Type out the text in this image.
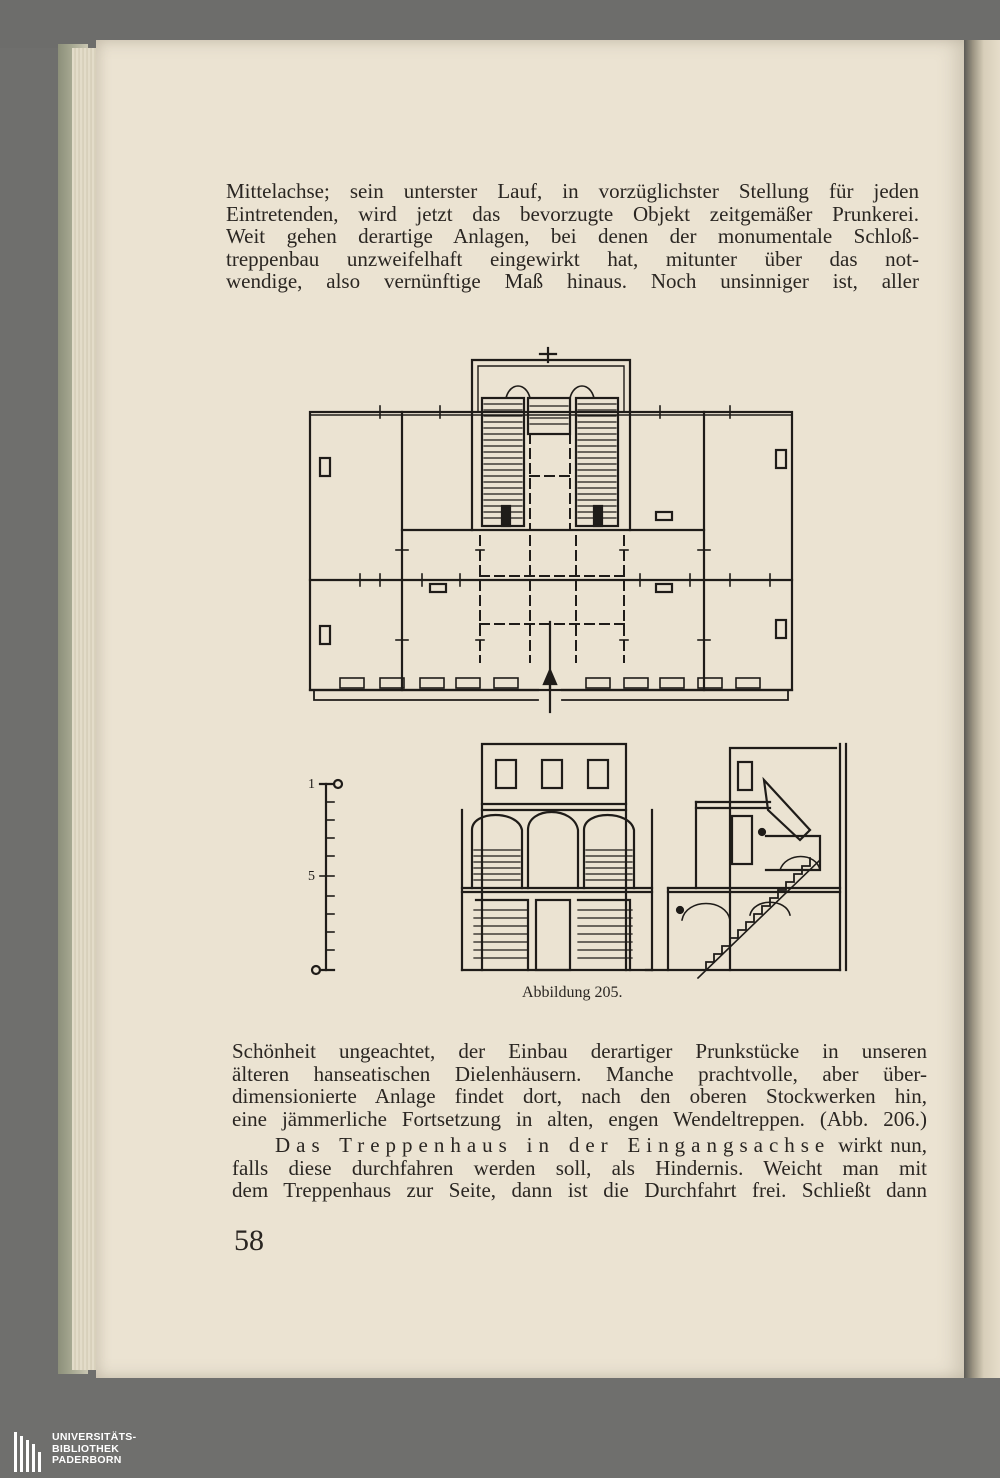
Mittelachse; sein unterster Lauf, in vorzüglichster Stellung für jeden
Eintretenden, wird jetzt das bevorzugte Objekt zeitgemäßer Prunkerei.
Weit gehen derartige Anlagen, bei denen der monumentale Schloß-
treppenbau unzweifelhaft eingewirkt hat, mitunter über das not-
wendige, also vernünftige Maß hinaus. Noch unsinniger ist, aller
1
5
Abbildung 205.
Schönheit ungeachtet, der Einbau derartiger Prunkstücke in unseren
älteren hanseatischen Dielenhäusern. Manche prachtvolle, aber über-
dimensionierte Anlage findet dort, nach den oberen Stockwerken hin,
eine jämmerliche Fortsetzung in alten, engen Wendeltreppen. (Abb. 206.)
Das Treppenhaus in der Eingangsachse wirkt nun,
falls diese durchfahren werden soll, als Hindernis. Weicht man mit
dem Treppenhaus zur Seite, dann ist die Durchfahrt frei. Schließt dann
58
UNIVERSITÄTS-
BIBLIOTHEK
PADERBORN
